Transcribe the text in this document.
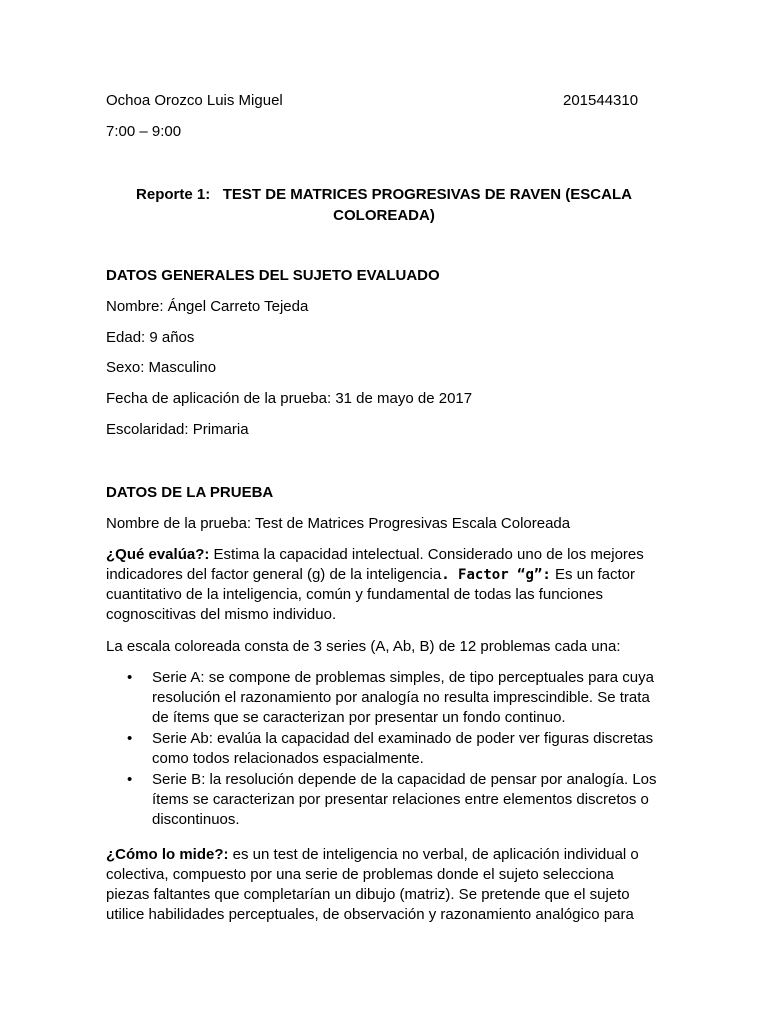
Ochoa Orozco Luis Miguel	201544310
7:00 – 9:00
Reporte 1:   TEST DE MATRICES PROGRESIVAS DE RAVEN (ESCALA
COLOREADA)
DATOS GENERALES DEL SUJETO EVALUADO
Nombre: Ángel Carreto Tejeda
Edad: 9 años
Sexo: Masculino
Fecha de aplicación de la prueba: 31 de mayo de 2017
Escolaridad: Primaria
DATOS DE LA PRUEBA
Nombre de la prueba: Test de Matrices Progresivas Escala Coloreada
¿Qué evalúa?: Estima la capacidad intelectual. Considerado uno de los mejores indicadores del factor general (g) de la inteligencia. Factor “g”: Es un factor cuantitativo de la inteligencia, común y fundamental de todas las funciones cognoscitivas del mismo individuo.
La escala coloreada consta de 3 series (A, Ab, B) de 12 problemas cada una:
• Serie A: se compone de problemas simples, de tipo perceptuales para cuya resolución el razonamiento por analogía no resulta imprescindible. Se trata de ítems que se caracterizan por presentar un fondo continuo.
• Serie Ab: evalúa la capacidad del examinado de poder ver figuras discretas como todos relacionados espacialmente.
• Serie B: la resolución depende de la capacidad de pensar por analogía. Los ítems se caracterizan por presentar relaciones entre elementos discretos o discontinuos.
¿Cómo lo mide?: es un test de inteligencia no verbal, de aplicación individual o colectiva, compuesto por una serie de problemas donde el sujeto selecciona piezas faltantes que completarían un dibujo (matriz). Se pretende que el sujeto utilice habilidades perceptuales, de observación y razonamiento analógico para
